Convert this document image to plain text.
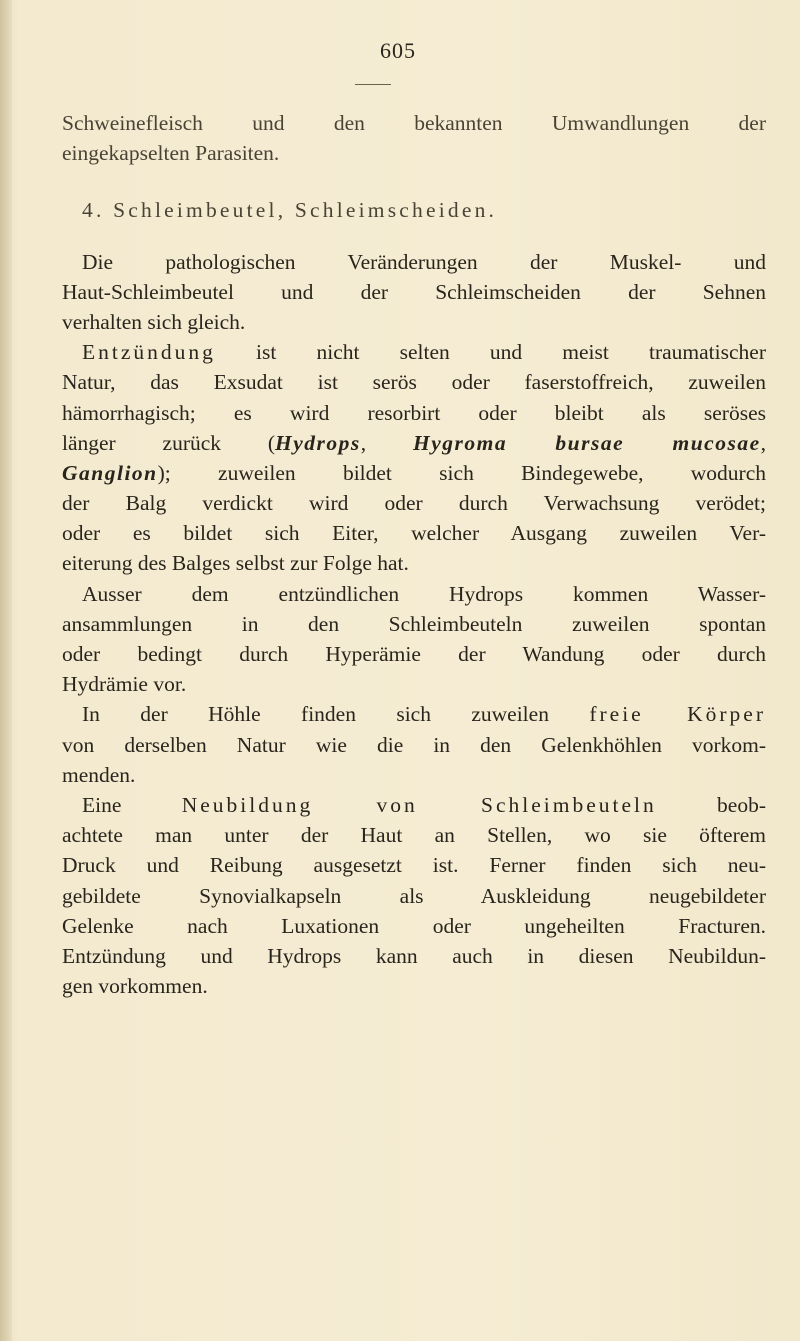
605
Schweinefleisch und den bekannten Umwandlungen der
eingekapselten Parasiten.
4. Schleimbeutel, Schleimscheiden.
Die pathologischen Veränderungen der Muskel- und
Haut-Schleimbeutel und der Schleimscheiden der Sehnen
verhalten sich gleich.
Entzündung ist nicht selten und meist traumatischer
Natur, das Exsudat ist serös oder faserstoffreich, zuweilen
hämorrhagisch; es wird resorbirt oder bleibt als seröses
länger zurück (Hydrops, Hygroma bursae mucosae,
Ganglion); zuweilen bildet sich Bindegewebe, wodurch
der Balg verdickt wird oder durch Verwachsung verödet;
oder es bildet sich Eiter, welcher Ausgang zuweilen Ver-
eiterung des Balges selbst zur Folge hat.
Ausser dem entzündlichen Hydrops kommen Wasser-
ansammlungen in den Schleimbeuteln zuweilen spontan
oder bedingt durch Hyperämie der Wandung oder durch
Hydrämie vor.
In der Höhle finden sich zuweilen freie Körper
von derselben Natur wie die in den Gelenkhöhlen vorkom-
menden.
Eine	Neubildung von Schleimbeuteln	beob-
achtete man unter der Haut an Stellen, wo sie öfterem
Druck und Reibung ausgesetzt ist. Ferner finden sich neu-
gebildete Synovialkapseln als Auskleidung neugebildeter
Gelenke nach Luxationen oder ungeheilten Fracturen.
Entzündung und Hydrops kann auch in diesen Neubildun-
gen vorkommen.
